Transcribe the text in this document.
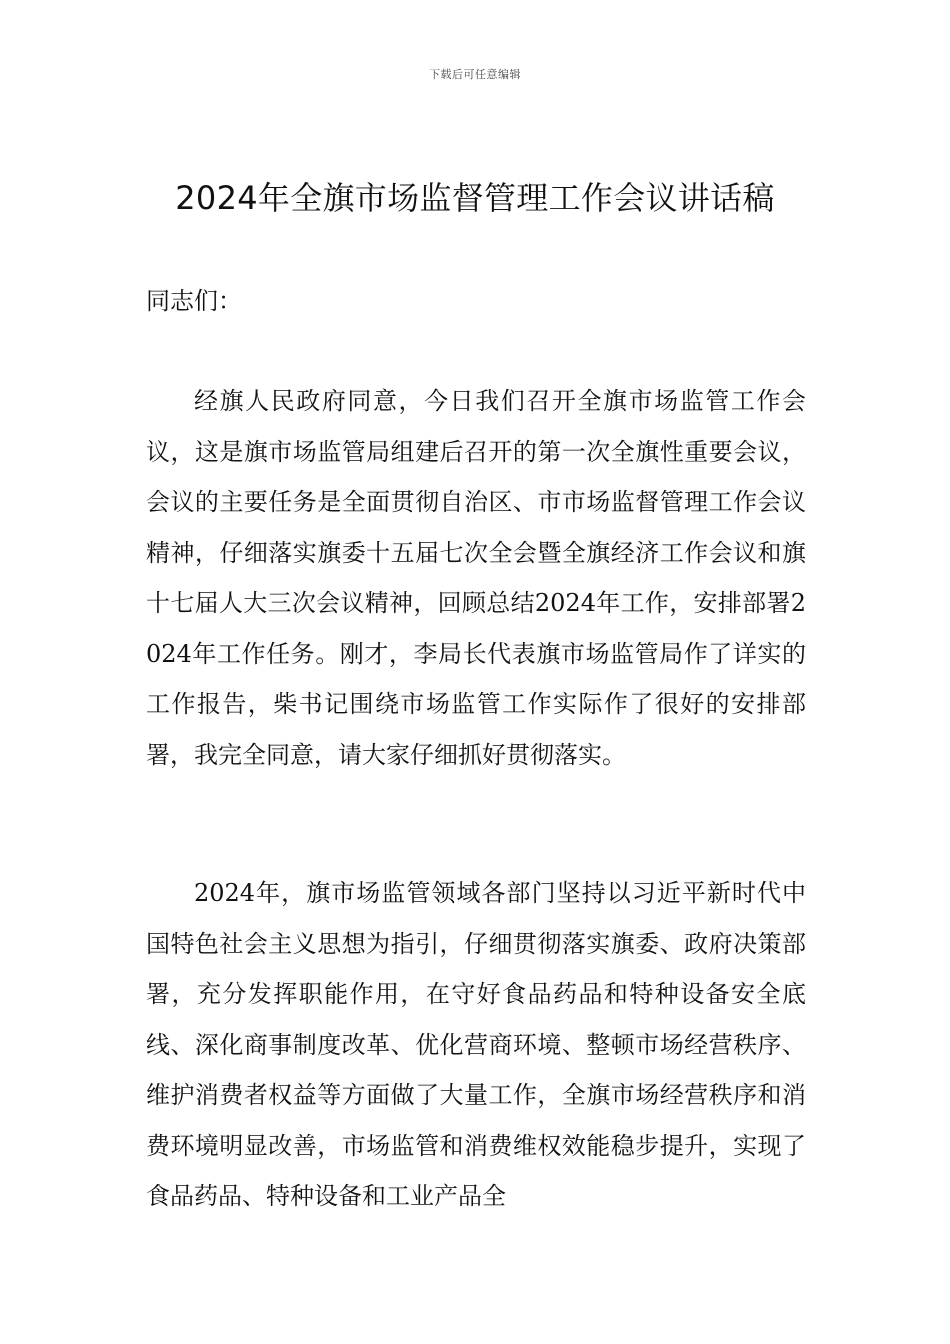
下载后可任意编辑
2024年全旗市场监督管理工作会议讲话稿
同志们：

经旗人民政府同意，今日我们召开全旗市场监管工作会议，这是旗市场监管局组建后召开的第一次全旗性重要会议，会议的主要任务是全面贯彻自治区、市市场监督管理工作会议精神，仔细落实旗委十五届七次全会暨全旗经济工作会议和旗十七届人大三次会议精神，回顾总结2024年工作，安排部署2024年工作任务。刚才，李局长代表旗市场监管局作了详实的工作报告，柴书记围绕市场监管工作实际作了很好的安排部署，我完全同意，请大家仔细抓好贯彻落实。

2024年，旗市场监管领域各部门坚持以习近平新时代中国特色社会主义思想为指引，仔细贯彻落实旗委、政府决策部署，充分发挥职能作用，在守好食品药品和特种设备安全底线、深化商事制度改革、优化营商环境、整顿市场经营秩序、维护消费者权益等方面做了大量工作，全旗市场经营秩序和消费环境明显改善，市场监管和消费维权效能稳步提升，实现了食品药品、特种设备和工业产品全
